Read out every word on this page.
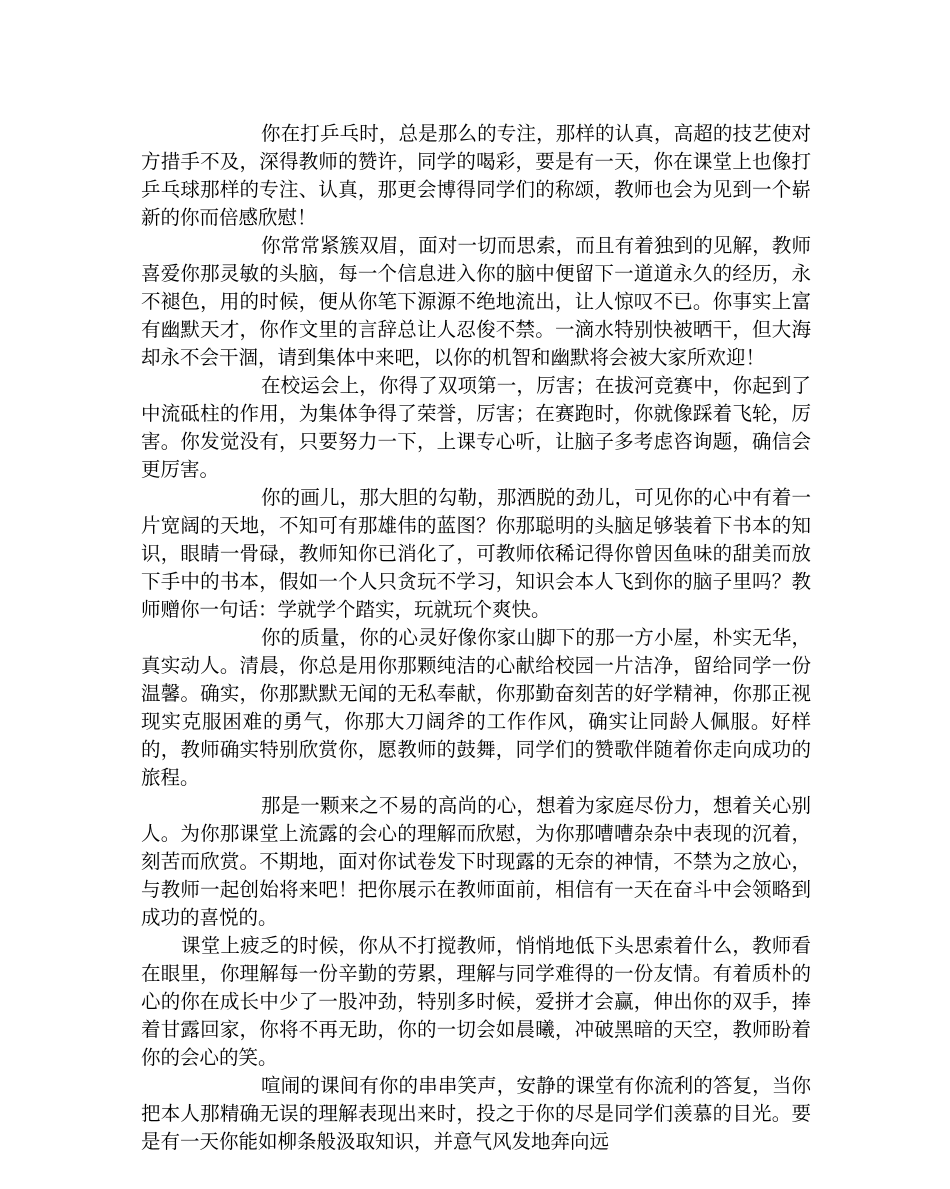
你在打乒乓时，总是那么的专注，那样的认真，高超的技艺使对方措手不及，深得教师的赞许，同学的喝彩，要是有一天，你在课堂上也像打乒乓球那样的专注、认真，那更会博得同学们的称颂，教师也会为见到一个崭新的你而倍感欣慰！

你常常紧簇双眉，面对一切而思索，而且有着独到的见解，教师喜爱你那灵敏的头脑，每一个信息进入你的脑中便留下一道道永久的经历，永不褪色，用的时候，便从你笔下源源不绝地流出，让人惊叹不已。你事实上富有幽默天才，你作文里的言辞总让人忍俊不禁。一滴水特别快被晒干，但大海却永不会干涸，请到集体中来吧，以你的机智和幽默将会被大家所欢迎！

在校运会上，你得了双项第一，厉害；在拔河竞赛中，你起到了中流砥柱的作用，为集体争得了荣誉，厉害；在赛跑时，你就像踩着飞轮，厉害。你发觉没有，只要努力一下，上课专心听，让脑子多考虑咨询题，确信会更厉害。

你的画儿，那大胆的勾勒，那洒脱的劲儿，可见你的心中有着一片宽阔的天地，不知可有那雄伟的蓝图？你那聪明的头脑足够装着下书本的知识，眼睛一骨碌，教师知你已消化了，可教师依稀记得你曾因鱼味的甜美而放下手中的书本，假如一个人只贪玩不学习，知识会本人飞到你的脑子里吗？教师赠你一句话：学就学个踏实，玩就玩个爽快。

你的质量，你的心灵好像你家山脚下的那一方小屋，朴实无华，真实动人。清晨，你总是用你那颗纯洁的心献给校园一片洁净，留给同学一份温馨。确实，你那默默无闻的无私奉献，你那勤奋刻苦的好学精神，你那正视现实克服困难的勇气，你那大刀阔斧的工作作风，确实让同龄人佩服。好样的，教师确实特别欣赏你，愿教师的鼓舞，同学们的赞歌伴随着你走向成功的旅程。

那是一颗来之不易的高尚的心，想着为家庭尽份力，想着关心别人。为你那课堂上流露的会心的理解而欣慰，为你那嘈嘈杂杂中表现的沉着，刻苦而欣赏。不期地，面对你试卷发下时现露的无奈的神情，不禁为之放心，与教师一起创始将来吧！把你展示在教师面前，相信有一天在奋斗中会领略到成功的喜悦的。

课堂上疲乏的时候，你从不打搅教师，悄悄地低下头思索着什么，教师看在眼里，你理解每一份辛勤的劳累，理解与同学难得的一份友情。有着质朴的心的你在成长中少了一股冲劲，特别多时候，爱拼才会赢，伸出你的双手，捧着甘露回家，你将不再无助，你的一切会如晨曦，冲破黑暗的天空，教师盼着你的会心的笑。

喧闹的课间有你的串串笑声，安静的课堂有你流利的答复，当你把本人那精确无误的理解表现出来时，投之于你的尽是同学们羡慕的目光。要是有一天你能如柳条般汲取知识，并意气风发地奔向远
